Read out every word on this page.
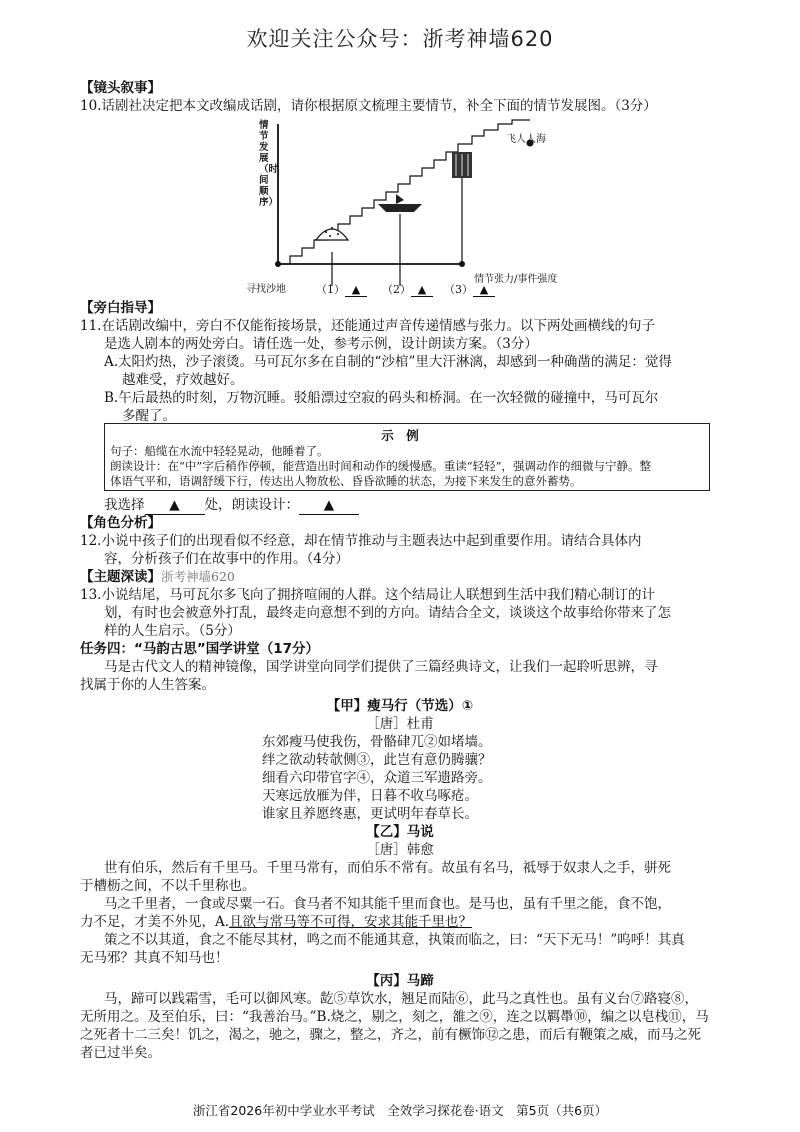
欢迎关注公众号：浙考神墙620
【镜头叙事】
10.话剧社决定把本文改编成话剧，请你根据原文梳理主要情节，补全下面的情节发展图。（3分）
情节发展（时间顺序）
情节张力/事件强度
飞人人海
寻找沙地	（1） ▲	（2） ▲	（3） ▲
【旁白指导】
11.在话剧改编中，旁白不仅能衔接场景，还能通过声音传递情感与张力。以下两处画横线的句子
是选人剧本的两处旁白。请任选一处，参考示例，设计朗读方案。（3分）
A.太阳灼热，沙子滚烫。马可瓦尔多在自制的“沙棺”里大汗淋漓，却感到一种确凿的满足：觉得
越难受，疗效越好。
B.午后最热的时刻，万物沉睡。驳船漂过空寂的码头和桥洞。在一次轻微的碰撞中，马可瓦尔
多醒了。
示　例
句子：船缆在水流中轻轻晃动，他睡着了。
朗读设计：在“中”字后稍作停顿，能营造出时间和动作的缓慢感。重读“轻轻”，强调动作的细微与宁静。整
体语气平和，语调舒缓下行，传达出人物放松、昏昏欲睡的状态，为接下来发生的意外蓄势。
我选择 ▲ 处，朗读设计： ▲
【角色分析】
12.小说中孩子们的出现看似不经意，却在情节推动与主题表达中起到重要作用。请结合具体内
容，分析孩子们在故事中的作用。（4分）
【主题深读】浙考神墙620
13.小说结尾，马可瓦尔多飞向了拥挤喧闹的人群。这个结局让人联想到生活中我们精心制订的计
划，有时也会被意外打乱，最终走向意想不到的方向。请结合全文，谈谈这个故事给你带来了怎
样的人生启示。（5分）
任务四：“马韵古思”国学讲堂（17分）
马是古代文人的精神镜像，国学讲堂向同学们提供了三篇经典诗文，让我们一起聆听思辨，寻
找属于你的人生答案。
【甲】瘦马行（节选）①
［唐］杜甫
东郊瘦马使我伤，骨骼硉兀②如堵墙。
绊之欲动转欹侧③，此岂有意仍腾骧？
细看六印带官字④，众道三军遗路旁。
天寒远放雁为伴，日暮不收乌啄疮。
谁家且养愿终惠，更试明年春草长。
【乙】马说
［唐］韩愈
世有伯乐，然后有千里马。千里马常有，而伯乐不常有。故虽有名马，祗辱于奴隶人之手，骈死
于槽枥之间，不以千里称也。
马之千里者，一食或尽粟一石。食马者不知其能千里而食也。是马也，虽有千里之能，食不饱，
力不足，才美不外见，A.且欲与常马等不可得，安求其能千里也？
策之不以其道，食之不能尽其材，鸣之而不能通其意，执策而临之，曰：“天下无马！”呜呼！其真
无马邪？其真不知马也！
【丙】马蹄
马，蹄可以践霜雪，毛可以御风寒。龁⑤草饮水，翘足而陆⑥，此马之真性也。虽有义台⑦路寝⑧，
无所用之。及至伯乐，曰：“我善治马。”B.烧之，剔之，刻之，雒之⑨，连之以羁馽⑩，编之以皂栈⑪，马
之死者十二三矣！饥之，渴之，驰之，骤之，整之，齐之，前有橛饰⑫之患，而后有鞭策之威，而马之死
者已过半矣。
浙江省2026年初中学业水平考试　全效学习探花卷·语文　第5页（共6页）
